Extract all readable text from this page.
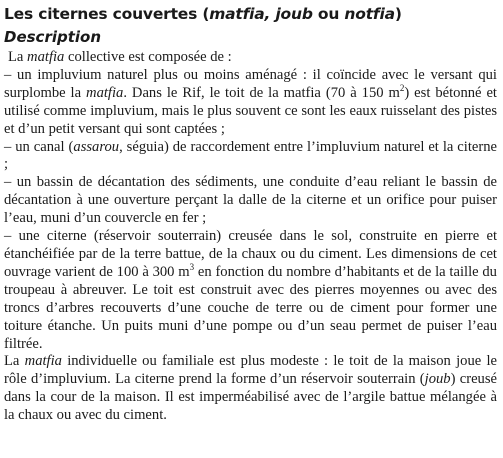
Les citernes couvertes (matfia, joub ou notfia)
Description

La matfia collective est composée de :

– un impluvium naturel plus ou moins aménagé : il coïncide avec le versant qui surplombe la matfia. Dans le Rif, le toit de la matfia (70 à 150 $m^2$) est bétonné et utilisé comme impluvium, mais le plus souvent ce sont les eaux ruisselant des pistes et d’un petit versant qui sont captées ;

– un canal (assarou, séguia) de raccordement entre l’impluvium naturel et la citerne ;

– un bassin de décantation des sédiments, une conduite d’eau reliant le bassin de décantation à une ouverture perçant la dalle de la citerne et un orifice pour puiser l’eau, muni d’un couvercle en fer ;

– une citerne (réservoir souterrain) creusée dans le sol, construite en pierre et étanchéifiée par de la terre battue, de la chaux ou du ciment. Les dimensions de cet ouvrage varient de 100 à 300 $m^3$ en fonction du nombre d’habitants et de la taille du troupeau à abreuver. Le toit est construit avec des pierres moyennes ou avec des troncs d’arbres recouverts d’une couche de terre ou de ciment pour former une toiture étanche. Un puits muni d’une pompe ou d’un seau permet de puiser l’eau filtrée.

La matfia individuelle ou familiale est plus modeste : le toit de la maison joue le rôle d’impluvium. La citerne prend la forme d’un réservoir souterrain (joub) creusé dans la cour de la maison. Il est imperméabilisé avec de l’argile battue mélangée à la chaux ou avec du ciment.
